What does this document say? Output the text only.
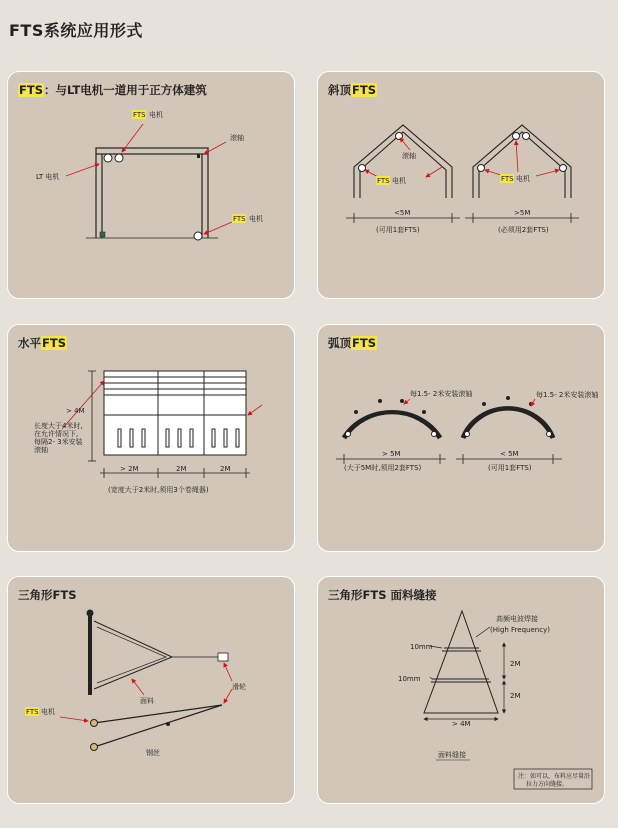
FTS系统应用形式
FTS：与LT电机一道用于正方体建筑
FTS 电机
滚轴
LT 电机
FTS 电机
斜顶FTS
滚轴
FTS 电机
<5M
(可用1套FTS)
FTS 电机
>5M
(必须用2套FTS)
水平FTS
> 4M
长度大于4米时,
在允许情况下,
每隔2- 3米安装
滚轴
> 2M	2M	2M
(宽度大于2米时,须用3个卷绳器)
弧顶FTS
每1.5- 2米安装滚轴	每1.5- 2米安装滚轴
> 5M	< 5M
(大于5M时,须用2套FTS)	(可用1套FTS)
三角形FTS
面料
滑轮
FTS 电机
钢丝
三角形FTS 面料缝接
高频电波焊接
(High Frequency)
10mm
10mm
2M
2M
> 4M
面料缝接
注：如可以，布料应尽量沿
拉力方向缝接。
